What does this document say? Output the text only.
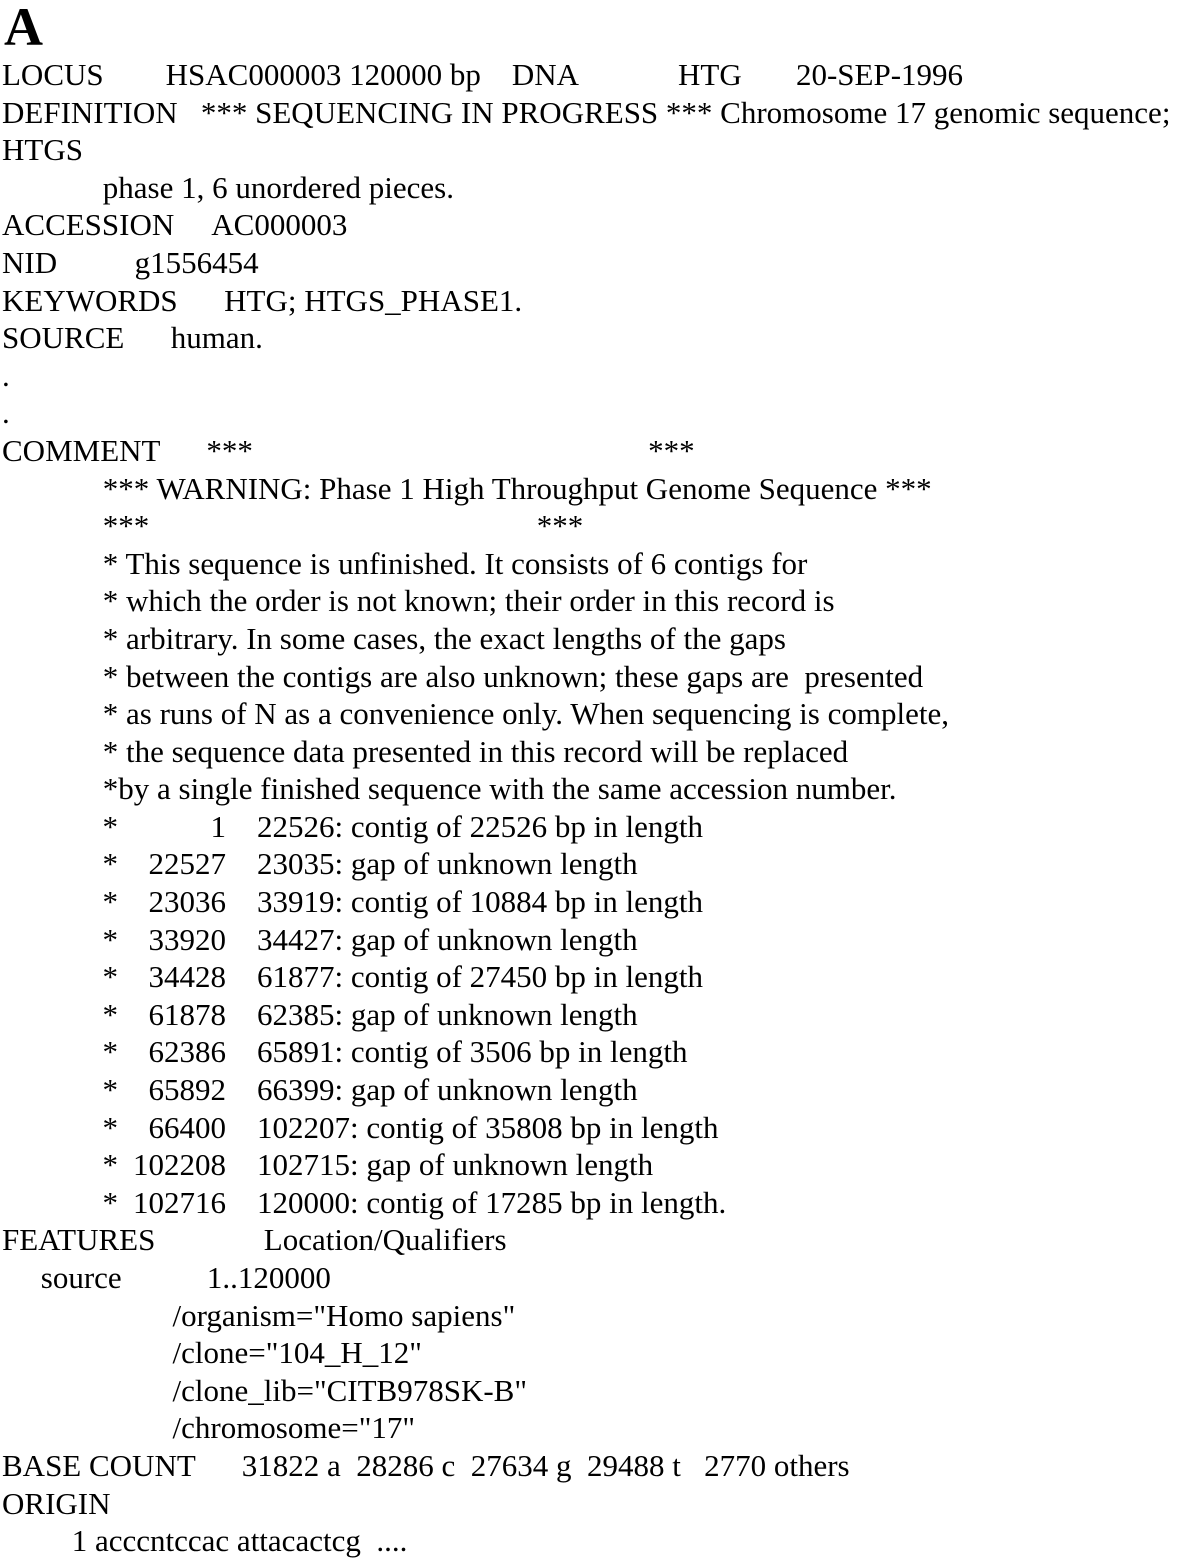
A
LOCUS        HSAC000003 120000 bp    DNA             HTG       20-SEP-1996
DEFINITION   *** SEQUENCING IN PROGRESS *** Chromosome 17 genomic sequence;
HTGS
phase 1, 6 unordered pieces.
ACCESSION     AC000003
NID          g1556454
KEYWORDS      HTG; HTGS_PHASE1.
SOURCE      human.
.
.
COMMENT      ***                                                   ***
*** WARNING: Phase 1 High Throughput Genome Sequence ***
***                                                  ***
* This sequence is unfinished. It consists of 6 contigs for
* which the order is not known; their order in this record is
* arbitrary. In some cases, the exact lengths of the gaps
* between the contigs are also unknown; these gaps are  presented
* as runs of N as a convenience only. When sequencing is complete,
* the sequence data presented in this record will be replaced
*by a single finished sequence with the same accession number.
*	1	22526: contig of 22526 bp in length
* 22527	23035: gap of unknown length
* 23036	33919: contig of 10884 bp in length
* 33920	34427: gap of unknown length
* 34428	61877: contig of 27450 bp in length
* 61878	62385: gap of unknown length
* 62386	65891: contig of 3506 bp in length
* 65892	66399: gap of unknown length
* 66400	102207: contig of 35808 bp in length
* 102208	102715: gap of unknown length
* 102716	120000: contig of 17285 bp in length.
FEATURES              Location/Qualifiers
source           1..120000
/organism="Homo sapiens"
/clone="104_H_12"
/clone_lib="CITB978SK-B"
/chromosome="17"
BASE COUNT      31822 a  28286 c  27634 g  29488 t   2770 others
ORIGIN
1 acccntccac attacactcg  ....
